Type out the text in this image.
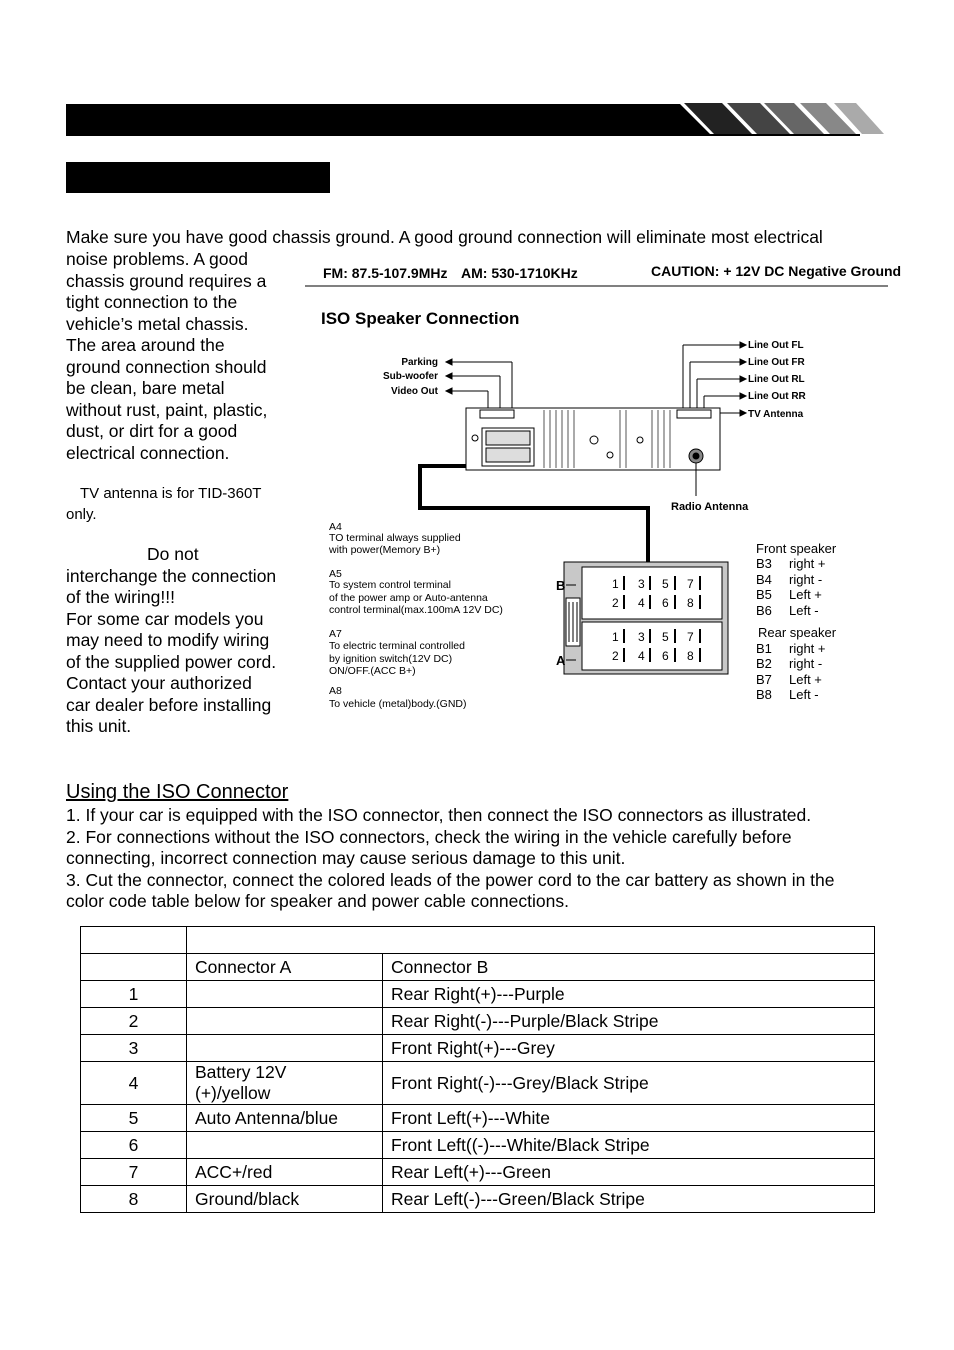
Make sure you have good chassis ground. A good ground connection will eliminate most electrical
noise problems. A good
chassis ground requires a
tight connection to the
vehicle’s metal chassis.
The area around the
ground connection should
be clean, bare metal
without rust, paint, plastic,
dust, or dirt for a good
electrical connection.
TV antenna is for TID-360T
only.
Do not
interchange the connection
of the wiring!!!
For some car models you
may need to modify wiring
of the supplied power cord.
Contact your authorized
car dealer before installing
this unit.
FM: 87.5-107.9MHz AM: 530-1710KHz	CAUTION: + 12V DC Negative Ground
ISO Speaker Connection
Parking
Sub-woofer
Video Out
Line Out FL
Line Out FR
Line Out RL
Line Out RR
TV Antenna
Radio Antenna
A4
TO terminal always supplied
with power(Memory B+)
A5
To system control terminal
of the power amp or Auto-antenna
control terminal(max.100mA 12V DC)
A7
To electric terminal controlled
by ignition switch(12V DC)
ON/OFF.(ACC B+)
A8
To vehicle (metal)body.(GND)
B
A
1 3 5 7
2 4 6 8
1 3 5 7
2 4 6 8
Front speaker
B3 right +
B4 right -
B5 Left +
B6 Left -
Rear speaker
B1 right +
B2 right -
B7 Left +
B8 Left -
Using the ISO Connector
1. If your car is equipped with the ISO connector, then connect the ISO connectors as illustrated.
2. For connections without the ISO connectors, check the wiring in the vehicle carefully before
connecting, incorrect connection may cause serious damage to this unit.
3. Cut the connector, connect the colored leads of the power cord to the car battery as shown in the
color code table below for speaker and power cable connections.

	Connector A	Connector B
1		Rear Right(+)---Purple
2		Rear Right(-)---Purple/Black Stripe
3		Front Right(+)---Grey
4	Battery 12V (+)/yellow	Front Right(-)---Grey/Black Stripe
5	Auto Antenna/blue	Front Left(+)---White
6		Front Left((-)---White/Black Stripe
7	ACC+/red	Rear Left(+)---Green
8	Ground/black	Rear Left(-)---Green/Black Stripe
